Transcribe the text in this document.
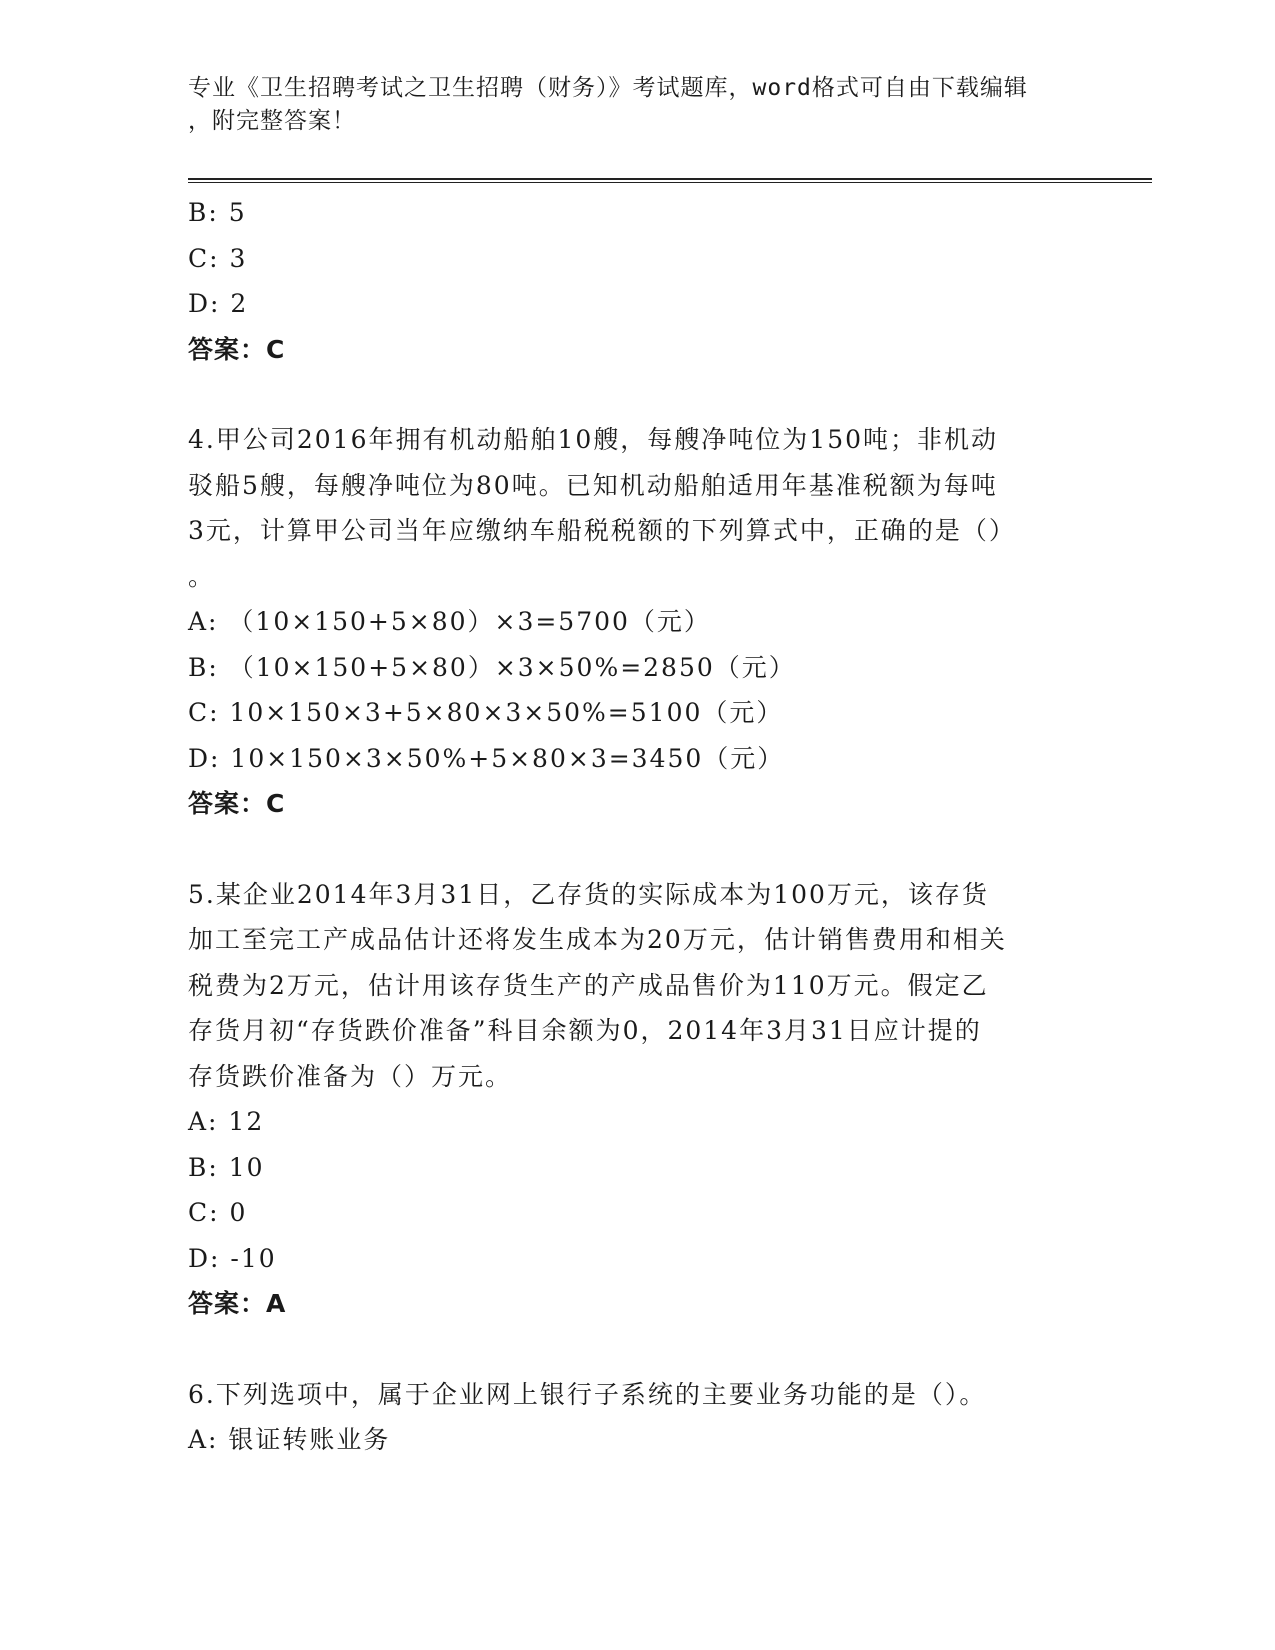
专业《卫生招聘考试之卫生招聘（财务）》考试题库，word格式可自由下载编辑
，附完整答案！
B: 5
C: 3
D: 2
答案：C
4.甲公司2016年拥有机动船舶10艘，每艘净吨位为150吨；非机动
驳船5艘，每艘净吨位为80吨。已知机动船舶适用年基准税额为每吨
3元，计算甲公司当年应缴纳车船税税额的下列算式中，正确的是（）
。
A: （10×150+5×80）×3=5700（元）
B: （10×150+5×80）×3×50%=2850（元）
C: 10×150×3+5×80×3×50%=5100（元）
D: 10×150×3×50%+5×80×3=3450（元）
答案：C
5.某企业2014年3月31日，乙存货的实际成本为100万元，该存货
加工至完工产成品估计还将发生成本为20万元，估计销售费用和相关
税费为2万元，估计用该存货生产的产成品售价为110万元。假定乙
存货月初“存货跌价准备”科目余额为0，2014年3月31日应计提的
存货跌价准备为（）万元。
A: 12
B: 10
C: 0
D: -10
答案：A
6.下列选项中，属于企业网上银行子系统的主要业务功能的是（）。
A: 银证转账业务
